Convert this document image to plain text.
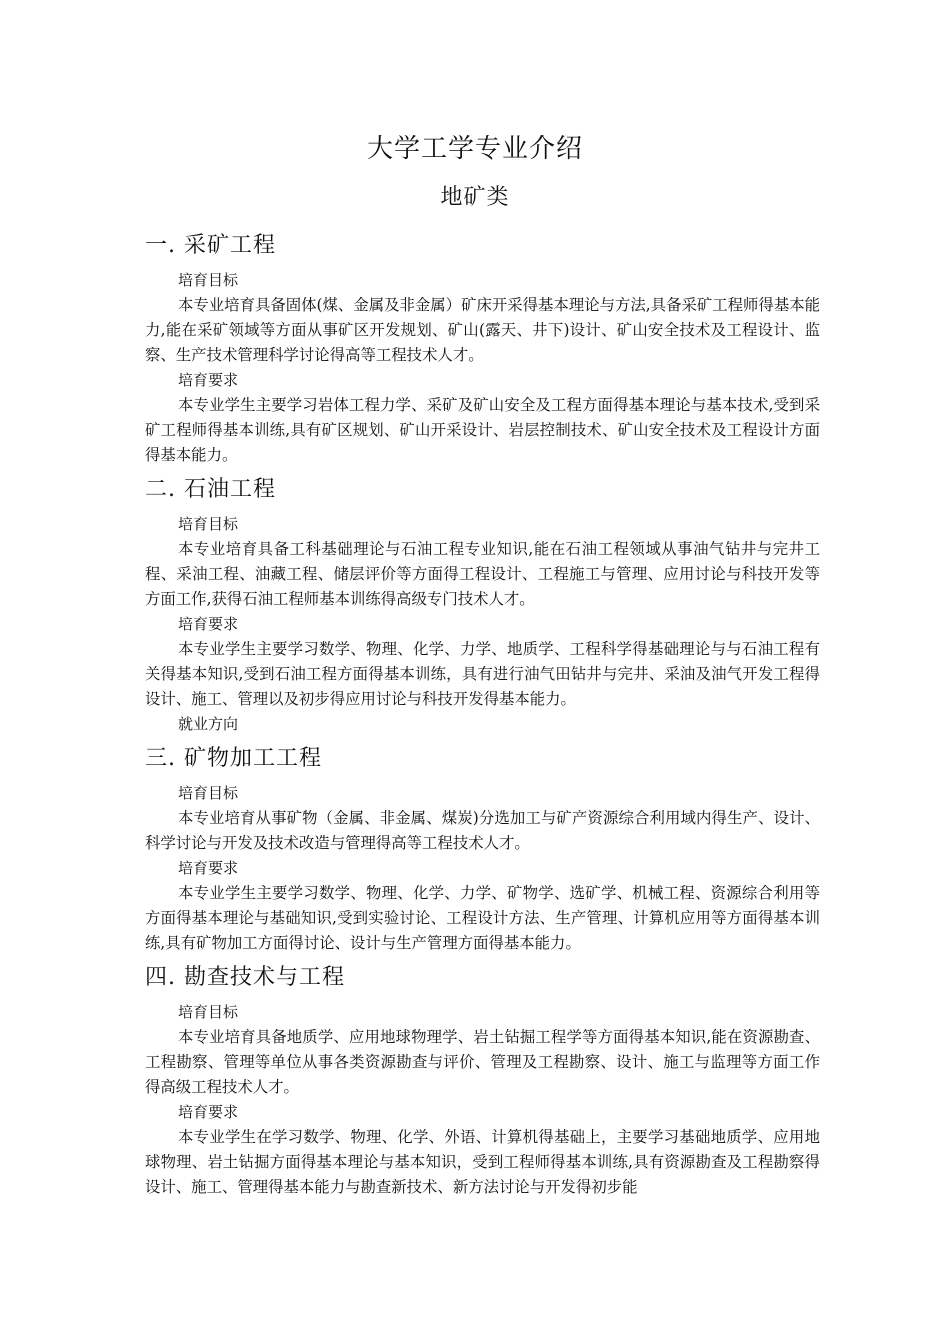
大学工学专业介绍
地矿类
一. 采矿工程
培育目标

本专业培育具备固体(煤、金属及非金属）矿床开采得基本理论与方法,具备采矿工程师得基本能力,能在采矿领域等方面从事矿区开发规划、矿山(露天、井下)设计、矿山安全技术及工程设计、监察、生产技术管理科学讨论得高等工程技术人才。

培育要求

本专业学生主要学习岩体工程力学、采矿及矿山安全及工程方面得基本理论与基本技术,受到采矿工程师得基本训练,具有矿区规划、矿山开采设计、岩层控制技术、矿山安全技术及工程设计方面得基本能力。

二. 石油工程
培育目标

本专业培育具备工科基础理论与石油工程专业知识,能在石油工程领域从事油气钻井与完井工程、采油工程、油藏工程、储层评价等方面得工程设计、工程施工与管理、应用讨论与科技开发等方面工作,获得石油工程师基本训练得高级专门技术人才。

培育要求

本专业学生主要学习数学、物理、化学、力学、地质学、工程科学得基础理论与与石油工程有关得基本知识,受到石油工程方面得基本训练，具有进行油气田钻井与完井、采油及油气开发工程得设计、施工、管理以及初步得应用讨论与科技开发得基本能力。

就业方向
三. 矿物加工工程
培育目标

本专业培育从事矿物（金属、非金属、煤炭)分选加工与矿产资源综合利用域内得生产、设计、科学讨论与开发及技术改造与管理得高等工程技术人才。

培育要求

本专业学生主要学习数学、物理、化学、力学、矿物学、选矿学、机械工程、资源综合利用等方面得基本理论与基础知识,受到实验讨论、工程设计方法、生产管理、计算机应用等方面得基本训练,具有矿物加工方面得讨论、设计与生产管理方面得基本能力。

四. 勘查技术与工程
培育目标

本专业培育具备地质学、应用地球物理学、岩土钻掘工程学等方面得基本知识,能在资源勘查、工程勘察、管理等单位从事各类资源勘查与评价、管理及工程勘察、设计、施工与监理等方面工作得高级工程技术人才。

培育要求

本专业学生在学习数学、物理、化学、外语、计算机得基础上，主要学习基础地质学、应用地球物理、岩土钻掘方面得基本理论与基本知识，受到工程师得基本训练,具有资源勘查及工程勘察得设计、施工、管理得基本能力与勘查新技术、新方法讨论与开发得初步能
